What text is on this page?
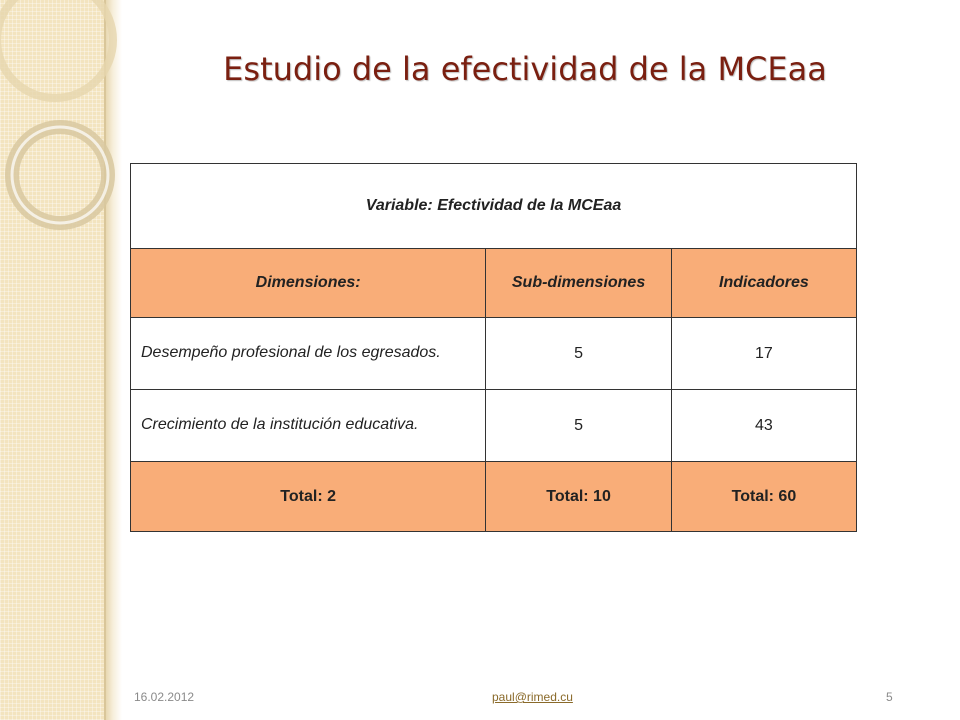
Estudio de la efectividad de la MCEaa
Variable: Efectividad de la MCEaa		
Dimensiones:	Sub-dimensiones	Indicadores
Desempeño profesional de los egresados.	5	17
Crecimiento de la institución educativa.	5	43
Total: 2	Total: 10	Total: 60
16.02.2012	paul@rimed.cu	5
